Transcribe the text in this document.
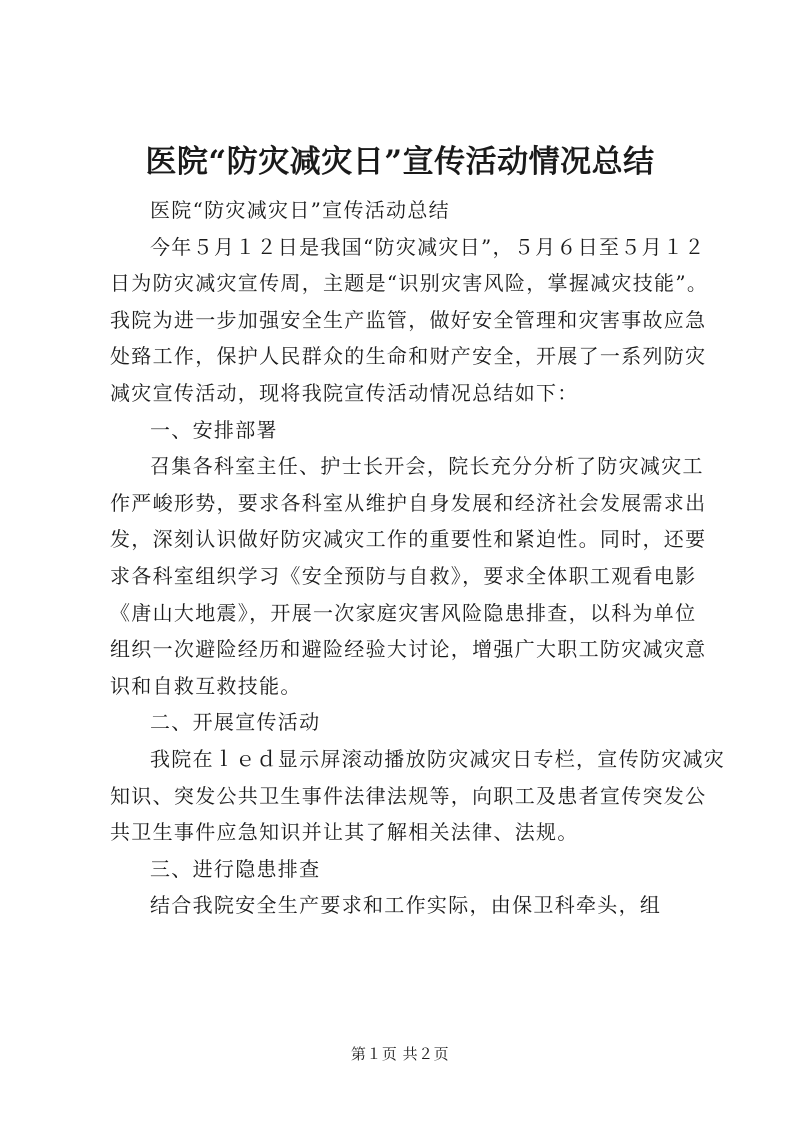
医院“防灾减灾日”宣传活动情况总结
医院“防灾减灾日”宣传活动总结
今年５月１２日是我国“防灾减灾日”，５月６日至５月１２
日为防灾减灾宣传周，主题是“识别灾害风险，掌握减灾技能”。
我院为进一步加强安全生产监管，做好安全管理和灾害事故应急
处臵工作，保护人民群众的生命和财产安全，开展了一系列防灾
减灾宣传活动，现将我院宣传活动情况总结如下：
一、安排部署
召集各科室主任、护士长开会，院长充分分析了防灾减灾工
作严峻形势，要求各科室从维护自身发展和经济社会发展需求出
发，深刻认识做好防灾减灾工作的重要性和紧迫性。同时，还要
求各科室组织学习《安全预防与自救》，要求全体职工观看电影
《唐山大地震》，开展一次家庭灾害风险隐患排查，以科为单位
组织一次避险经历和避险经验大讨论，增强广大职工防灾减灾意
识和自救互救技能。
二、开展宣传活动
我院在ｌｅｄ显示屏滚动播放防灾减灾日专栏，宣传防灾减灾
知识、突发公共卫生事件法律法规等，向职工及患者宣传突发公
共卫生事件应急知识并让其了解相关法律、法规。
三、进行隐患排查
结合我院安全生产要求和工作实际，由保卫科牵头，组
第１页 共２页
